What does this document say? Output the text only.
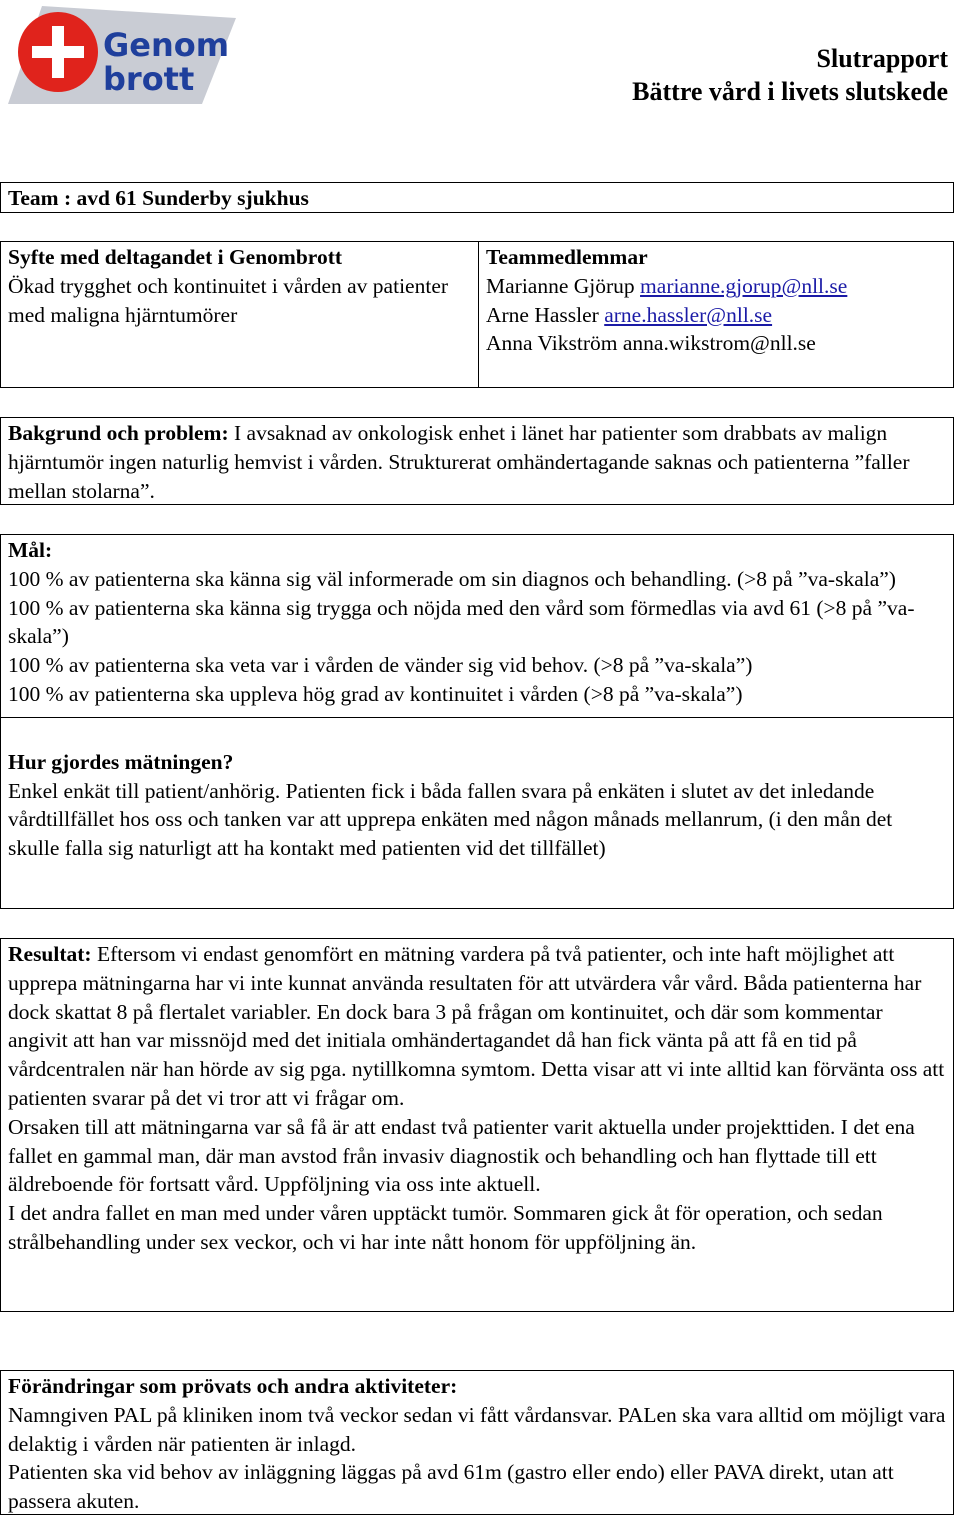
Genom
brott
Slutrapport
Bättre vård i livets slutskede
Team : avd 61 Sunderby sjukhus
Syfte med deltagandet i Genombrott

Ökad trygghet och kontinuitet i vården av patienter med maligna hjärntumörer

Teammedlemmar
Marianne Gjörup marianne.gjorup@nll.se
Arne Hassler arne.hassler@nll.se
Anna Vikström anna.wikstrom@nll.se
Bakgrund och problem: I avsaknad av onkologisk enhet i länet har patienter som drabbats av malign hjärntumör ingen naturlig hemvist i vården. Strukturerat omhändertagande saknas och patienterna ”faller mellan stolarna”.
Mål:

100 % av patienterna ska känna sig väl informerade om sin diagnos och behandling. (>8 på ”va-skala”)

100 % av patienterna ska känna sig trygga och nöjda med den vård som förmedlas via avd 61 (>8 på ”va-skala”)

100 % av patienterna ska veta var i vården de vänder sig vid behov. (>8 på ”va-skala”)

100 % av patienterna ska uppleva hög grad av kontinuitet i vården (>8 på ”va-skala”)

Hur gjordes mätningen?

Enkel enkät till patient/anhörig. Patienten fick i båda fallen svara på enkäten i slutet av det inledande vårdtillfället hos oss och tanken var att upprepa enkäten med någon månads mellanrum, (i den mån det skulle falla sig naturligt att ha kontakt med patienten vid det tillfället)

Resultat: Eftersom vi endast genomfört en mätning vardera på två patienter, och inte haft möjlighet att upprepa mätningarna har vi inte kunnat använda resultaten för att utvärdera vår vård. Båda patienterna har dock skattat 8 på flertalet variabler. En dock bara 3 på frågan om kontinuitet, och där som kommentar angivit att han var missnöjd med det initiala omhändertagandet då han fick vänta på att få en tid på vårdcentralen när han hörde av sig pga. nytillkomna symtom. Detta visar att vi inte alltid kan förvänta oss att patienten svarar på det vi tror att vi frågar om.

Orsaken till att mätningarna var så få är att endast två patienter varit aktuella under projekttiden. I det ena fallet en gammal man, där man avstod från invasiv diagnostik och behandling och han flyttade till ett äldreboende för fortsatt vård. Uppföljning via oss inte aktuell.

I det andra fallet en man med under våren upptäckt tumör. Sommaren gick åt för operation, och sedan strålbehandling under sex veckor, och vi har inte nått honom för uppföljning än.

Förändringar som prövats och andra aktiviteter:

Namngiven PAL på kliniken inom två veckor sedan vi fått vårdansvar. PALen ska vara alltid om möjligt vara delaktig i vården när patienten är inlagd.

Patienten ska vid behov av inläggning läggas på avd 61m (gastro eller endo) eller PAVA direkt, utan att passera akuten.
